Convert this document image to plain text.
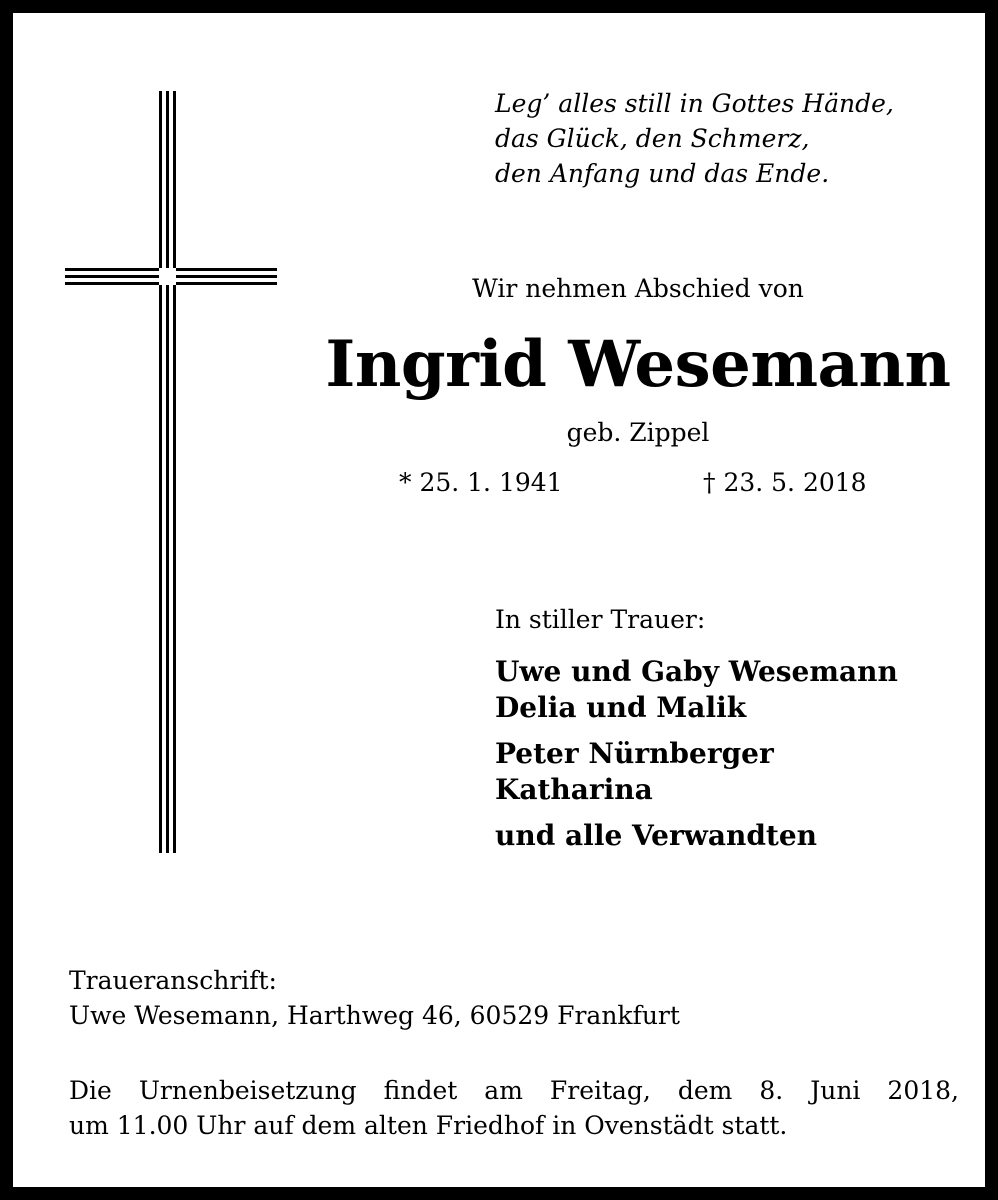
Leg’ alles still in Gottes Hände,
das Glück, den Schmerz,
den Anfang und das Ende.
Wir nehmen Abschied von
Ingrid Wesemann
geb. Zippel
* 25. 1. 1941	† 23. 5. 2018
In stiller Trauer:
Uwe und Gaby Wesemann
Delia und Malik
Peter Nürnberger
Katharina
und alle Verwandten
Traueranschrift:
Uwe Wesemann, Harthweg 46, 60529 Frankfurt
Die Urnenbeisetzung findet am Freitag, dem 8. Juni 2018,
um 11.00 Uhr auf dem alten Friedhof in Ovenstädt statt.
